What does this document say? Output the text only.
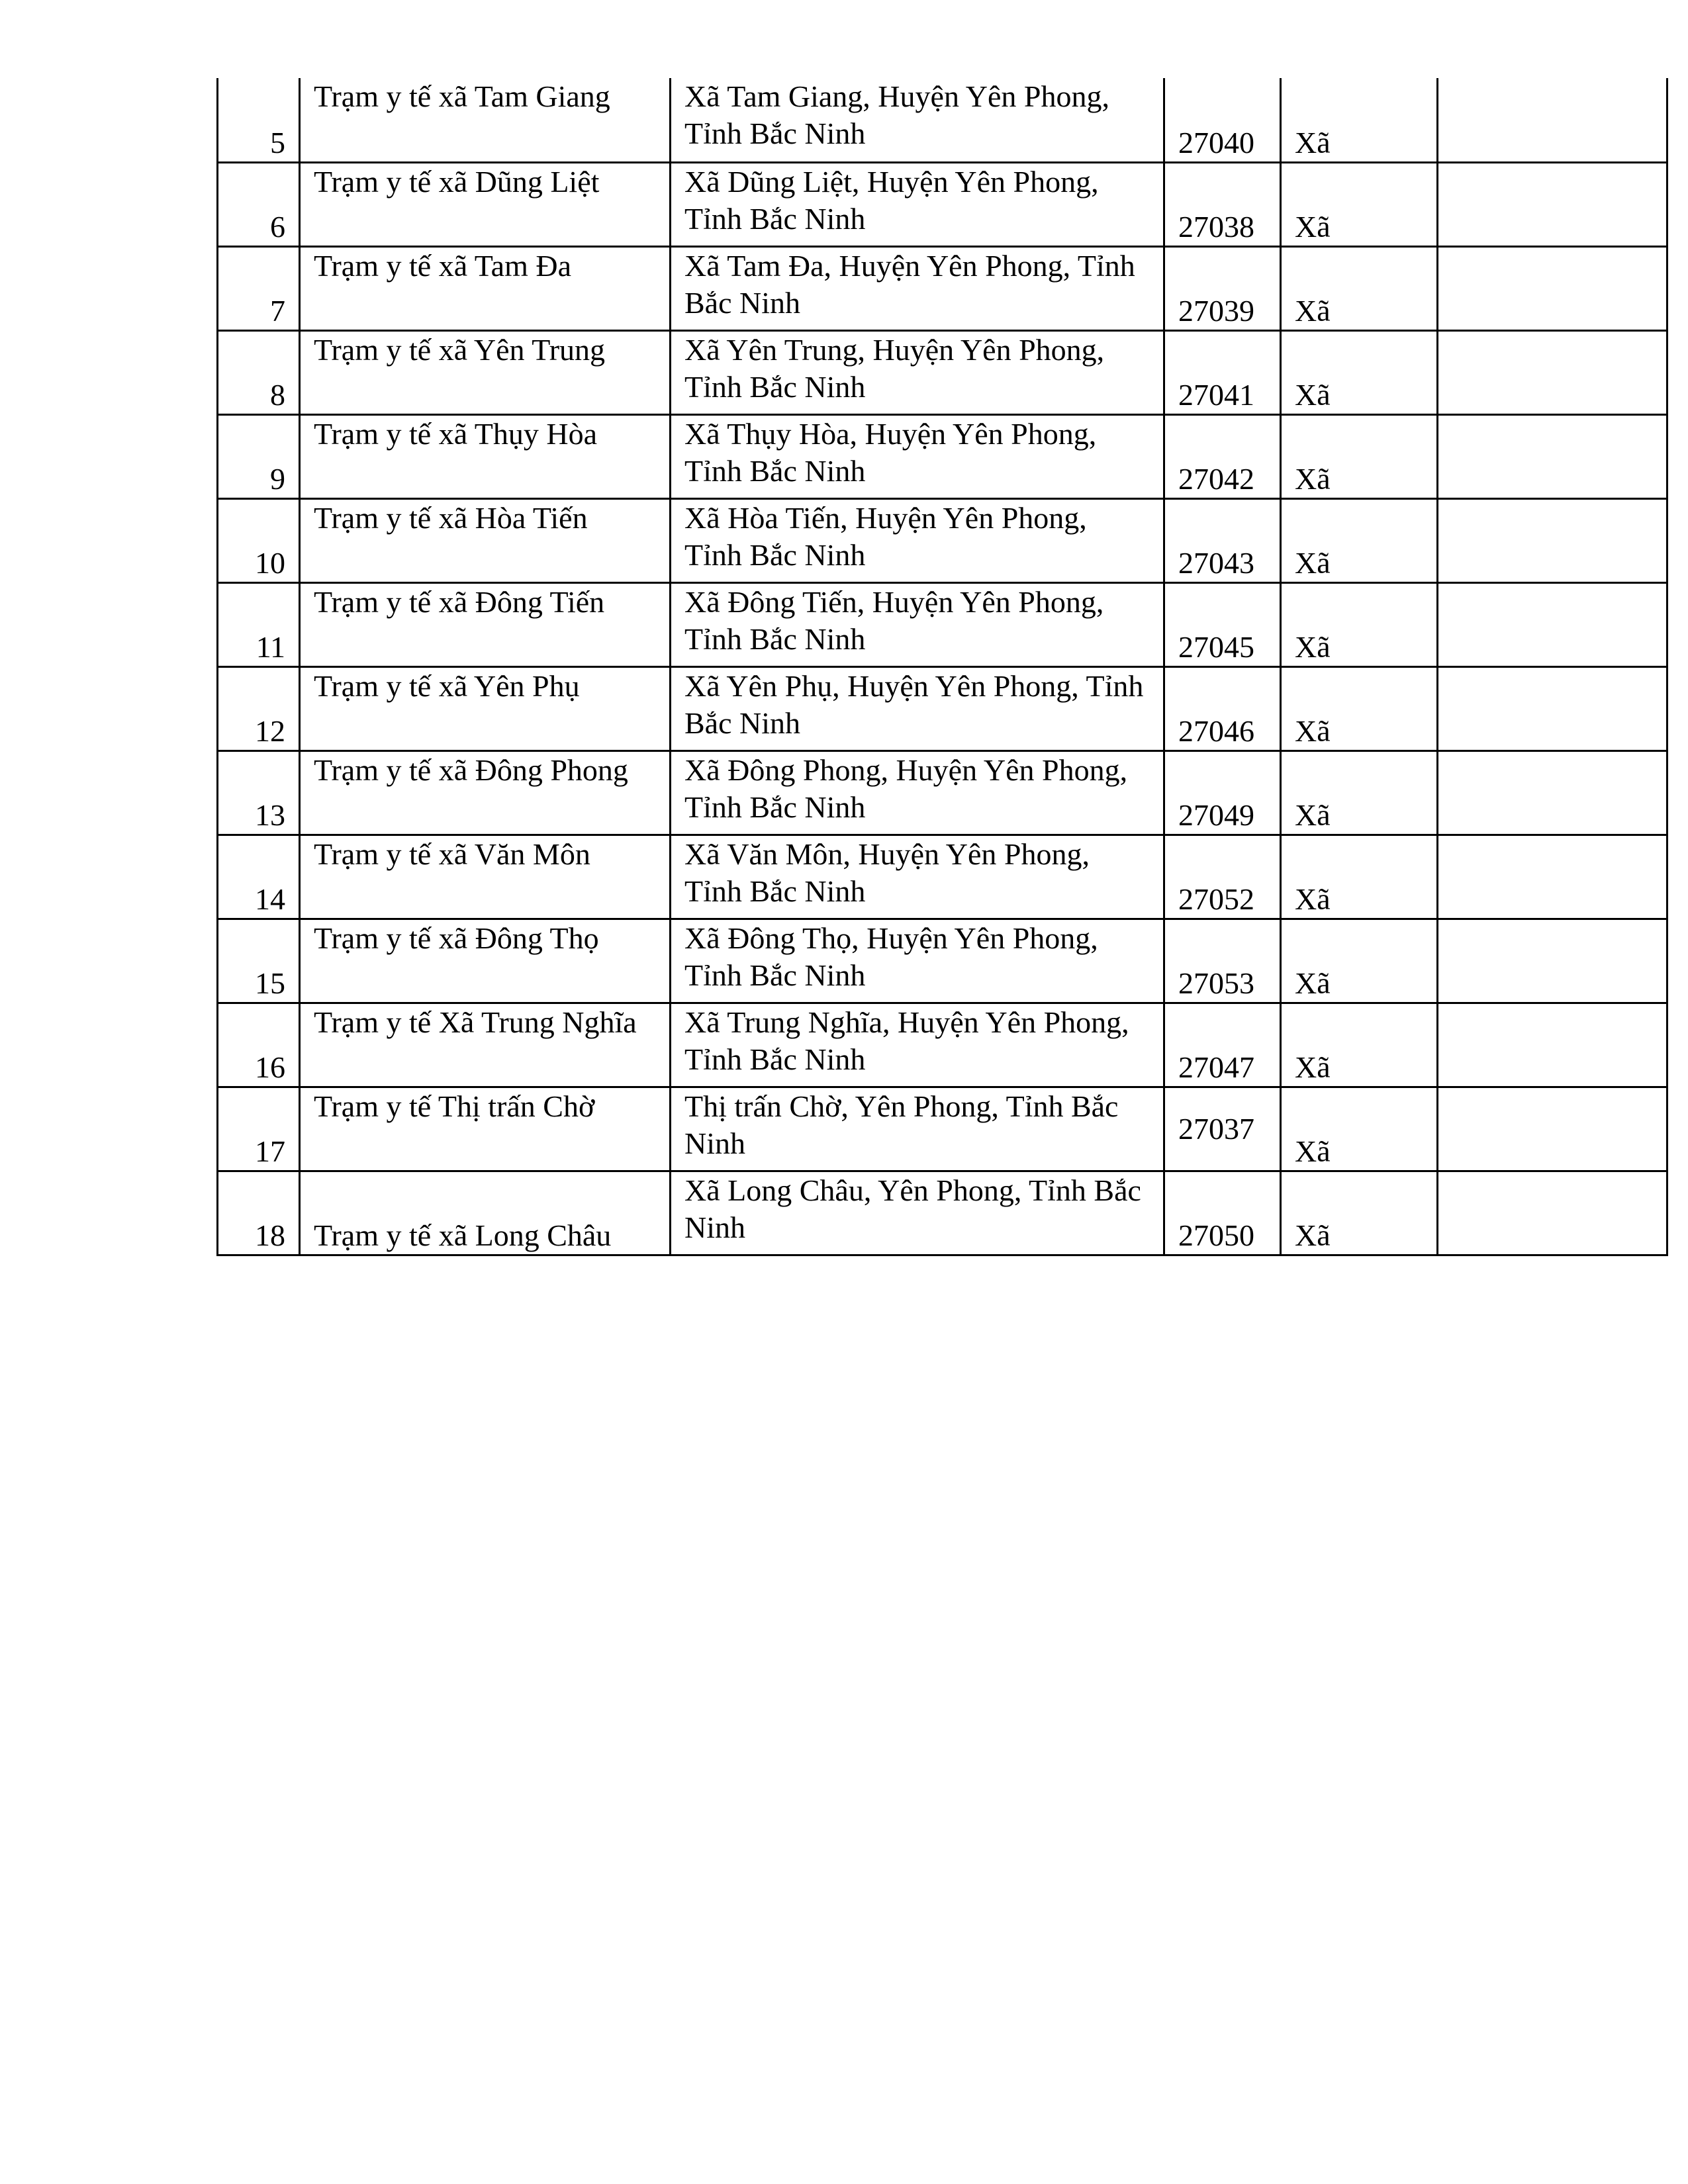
5	Trạm y tế xã Tam Giang	Xã Tam Giang, Huyện Yên Phong, Tỉnh Bắc Ninh	27040	Xã	
6	Trạm y tế xã Dũng Liệt	Xã Dũng Liệt, Huyện Yên Phong, Tỉnh Bắc Ninh	27038	Xã	
7	Trạm y tế xã Tam Đa	Xã Tam Đa, Huyện Yên Phong, Tỉnh Bắc Ninh	27039	Xã	
8	Trạm y tế xã Yên Trung	Xã Yên Trung, Huyện Yên Phong, Tỉnh Bắc Ninh	27041	Xã	
9	Trạm y tế xã Thụy Hòa	Xã Thụy Hòa, Huyện Yên Phong, Tỉnh Bắc Ninh	27042	Xã	
10	Trạm y tế xã Hòa Tiến	Xã Hòa Tiến, Huyện Yên Phong, Tỉnh Bắc Ninh	27043	Xã	
11	Trạm y tế xã Đông Tiến	Xã Đông Tiến, Huyện Yên Phong, Tỉnh Bắc Ninh	27045	Xã	
12	Trạm y tế xã Yên Phụ	Xã Yên Phụ, Huyện Yên Phong, Tỉnh Bắc Ninh	27046	Xã	
13	Trạm y tế xã Đông Phong	Xã Đông Phong, Huyện Yên Phong, Tỉnh Bắc Ninh	27049	Xã	
14	Trạm y tế xã Văn Môn	Xã Văn Môn, Huyện Yên Phong, Tỉnh Bắc Ninh	27052	Xã	
15	Trạm y tế xã Đông Thọ	Xã Đông Thọ, Huyện Yên Phong, Tỉnh Bắc Ninh	27053	Xã	
16	Trạm y tế Xã Trung Nghĩa	Xã Trung Nghĩa, Huyện Yên Phong, Tỉnh Bắc Ninh	27047	Xã	
17	Trạm y tế Thị trấn Chờ	Thị trấn Chờ, Yên Phong, Tỉnh Bắc Ninh	27037	Xã	
18	Trạm y tế xã Long Châu	Xã Long Châu, Yên Phong, Tỉnh Bắc Ninh	27050	Xã	
